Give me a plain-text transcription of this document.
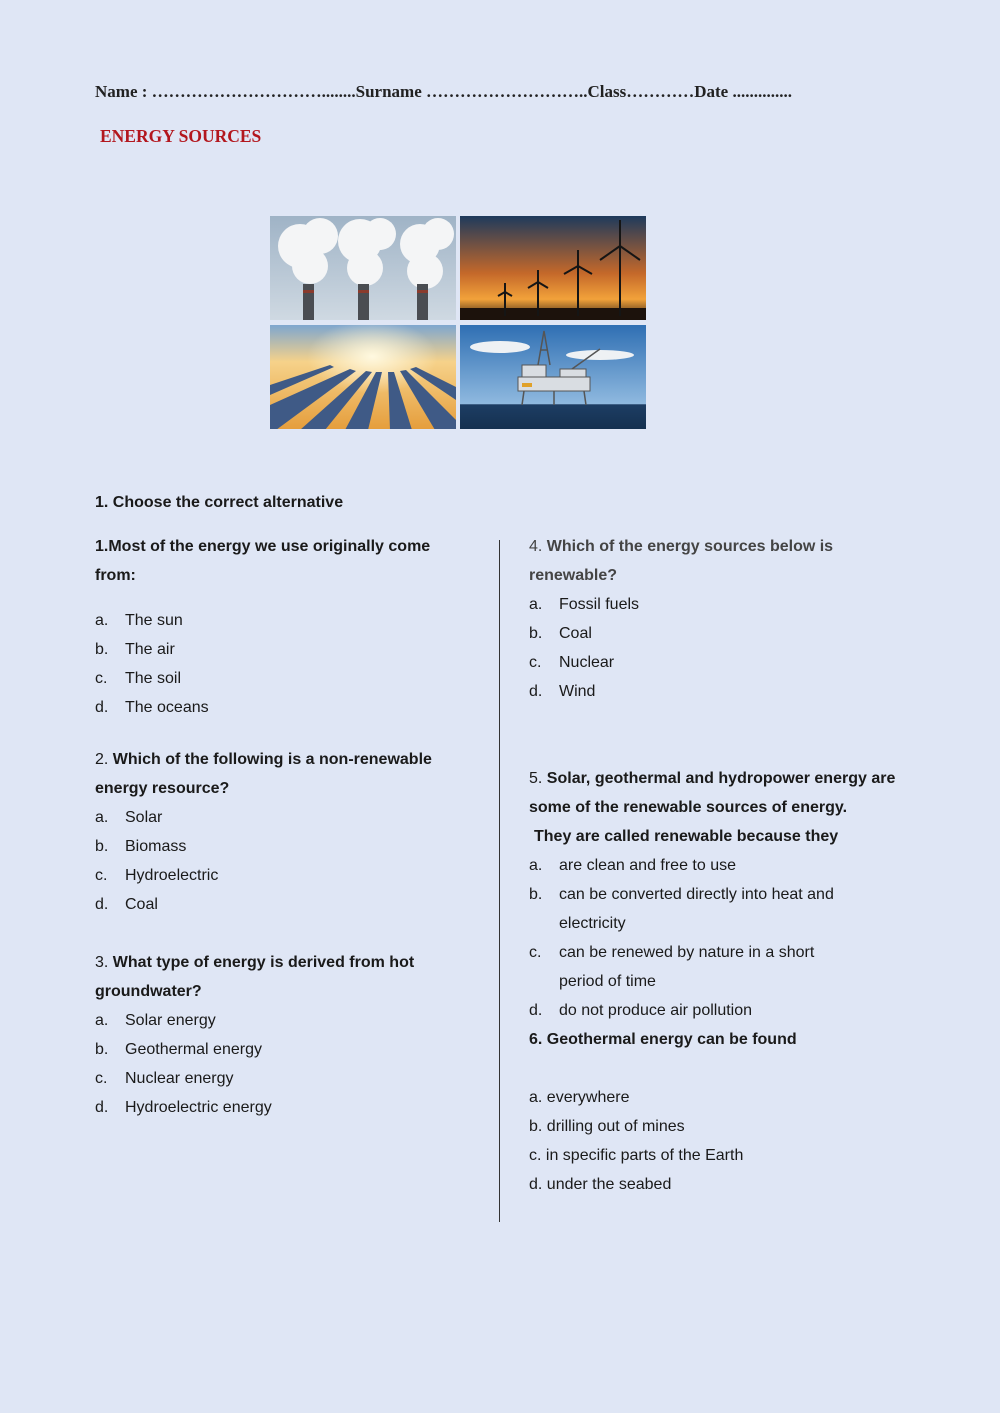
Name : …………………………........Surname ………………………..Class…………Date ..............
ENERGY SOURCES
1. Choose the correct alternative

1.Most of the energy we use originally come from:

a.	The sun
b.	The air
c.	The soil
d.	The oceans

2. Which of the following is a non-renewable energy resource?

a.	Solar
b.	Biomass
c.	Hydroelectric
d.	Coal

3. What type of energy is derived from hot groundwater?

a.	Solar energy
b.	Geothermal energy
c.	Nuclear energy
d.	Hydroelectric energy

4. Which of the energy sources below is renewable?

a.	Fossil fuels
b.	Coal
c.	Nuclear
d.	Wind

5. Solar, geothermal and hydropower energy are some of the renewable sources of energy.

They are called renewable because they

a.	are clean and free to use
b.	can be converted directly into heat and electricity
c.	can be renewed by nature in a short period of time
d.	do not produce air pollution

6. Geothermal energy can be found

a.
everywhere
b.
drilling out of mines
c.
in specific parts of the Earth
d.
under the seabed
